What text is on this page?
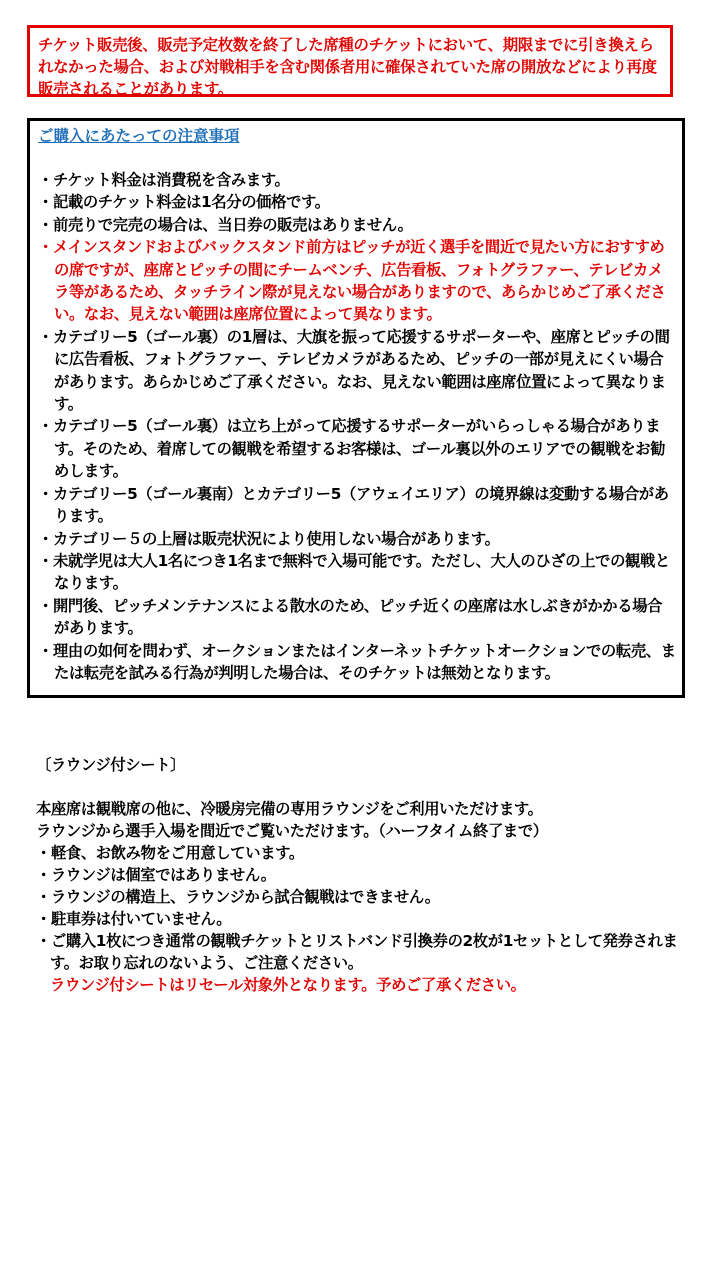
チケット販売後、販売予定枚数を終了した席種のチケットにおいて、期限までに引き換えられなかった場合、および対戦相手を含む関係者用に確保されていた席の開放などにより再度販売されることがあります。
ご購入にあたっての注意事項
・チケット料金は消費税を含みます。
・記載のチケット料金は1名分の価格です。
・前売りで完売の場合は、当日券の販売はありません。
・メインスタンドおよびバックスタンド前方はピッチが近く選手を間近で見たい方におすすめの席ですが、座席とピッチの間にチームベンチ、広告看板、フォトグラファー、テレビカメラ等があるため、タッチライン際が見えない場合がありますので、あらかじめご了承ください。なお、見えない範囲は座席位置によって異なります。
・カテゴリー5（ゴール裏）の1層は、大旗を振って応援するサポーターや、座席とピッチの間に広告看板、フォトグラファー、テレビカメラがあるため、ピッチの一部が見えにくい場合があります。あらかじめご了承ください。なお、見えない範囲は座席位置によって異なります。
・カテゴリー5（ゴール裏）は立ち上がって応援するサポーターがいらっしゃる場合があります。そのため、着席しての観戦を希望するお客様は、ゴール裏以外のエリアでの観戦をお勧めします。
・カテゴリー5（ゴール裏南）とカテゴリー5（アウェイエリア）の境界線は変動する場合があります。
・カテゴリー５の上層は販売状況により使用しない場合があります。
・未就学児は大人1名につき1名まで無料で入場可能です。ただし、大人のひざの上での観戦となります。
・開門後、ピッチメンテナンスによる散水のため、ピッチ近くの座席は水しぶきがかかる場合があります。
・理由の如何を問わず、オークションまたはインターネットチケットオークションでの転売、または転売を試みる行為が判明した場合は、そのチケットは無効となります。
〔ラウンジ付シート〕
本座席は観戦席の他に、冷暖房完備の専用ラウンジをご利用いただけます。
ラウンジから選手入場を間近でご覧いただけます。（ハーフタイム終了まで）
・軽食、お飲み物をご用意しています。
・ラウンジは個室ではありません。
・ラウンジの構造上、ラウンジから試合観戦はできません。
・駐車券は付いていません。
・ご購入1枚につき通常の観戦チケットとリストバンド引換券の2枚が1セットとして発券されます。お取り忘れのないよう、ご注意ください。
ラウンジ付シートはリセール対象外となります。予めご了承ください。
